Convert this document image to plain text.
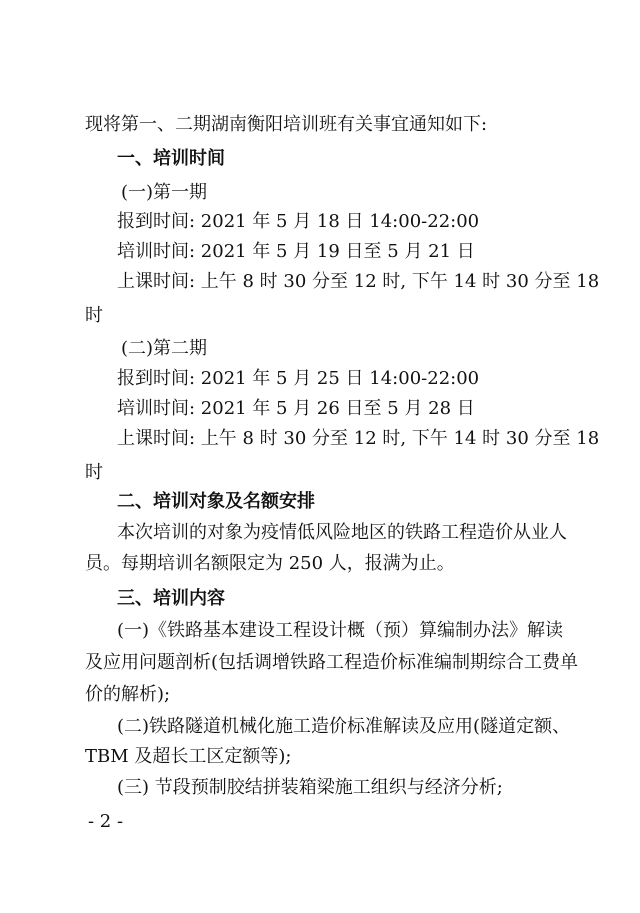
现将第一、二期湖南衡阳培训班有关事宜通知如下:
一、培训时间
(一)第一期
报到时间: 2021 年 5 月 18 日 14:00-22:00
培训时间: 2021 年 5 月 19 日至 5 月 21 日
上课时间: 上午 8 时 30 分至 12 时, 下午 14 时 30 分至 18
时
(二)第二期
报到时间: 2021 年 5 月 25 日 14:00-22:00
培训时间: 2021 年 5 月 26 日至 5 月 28 日
上课时间: 上午 8 时 30 分至 12 时, 下午 14 时 30 分至 18
时
二、培训对象及名额安排
本次培训的对象为疫情低风险地区的铁路工程造价从业人
员。每期培训名额限定为 250 人，报满为止。
三、培训内容
(一)《铁路基本建设工程设计概（预）算编制办法》解读
及应用问题剖析(包括调增铁路工程造价标准编制期综合工费单
价的解析);
(二)铁路隧道机械化施工造价标准解读及应用(隧道定额、
TBM 及超长工区定额等);
(三) 节段预制胶结拼装箱梁施工组织与经济分析;
- 2 -
